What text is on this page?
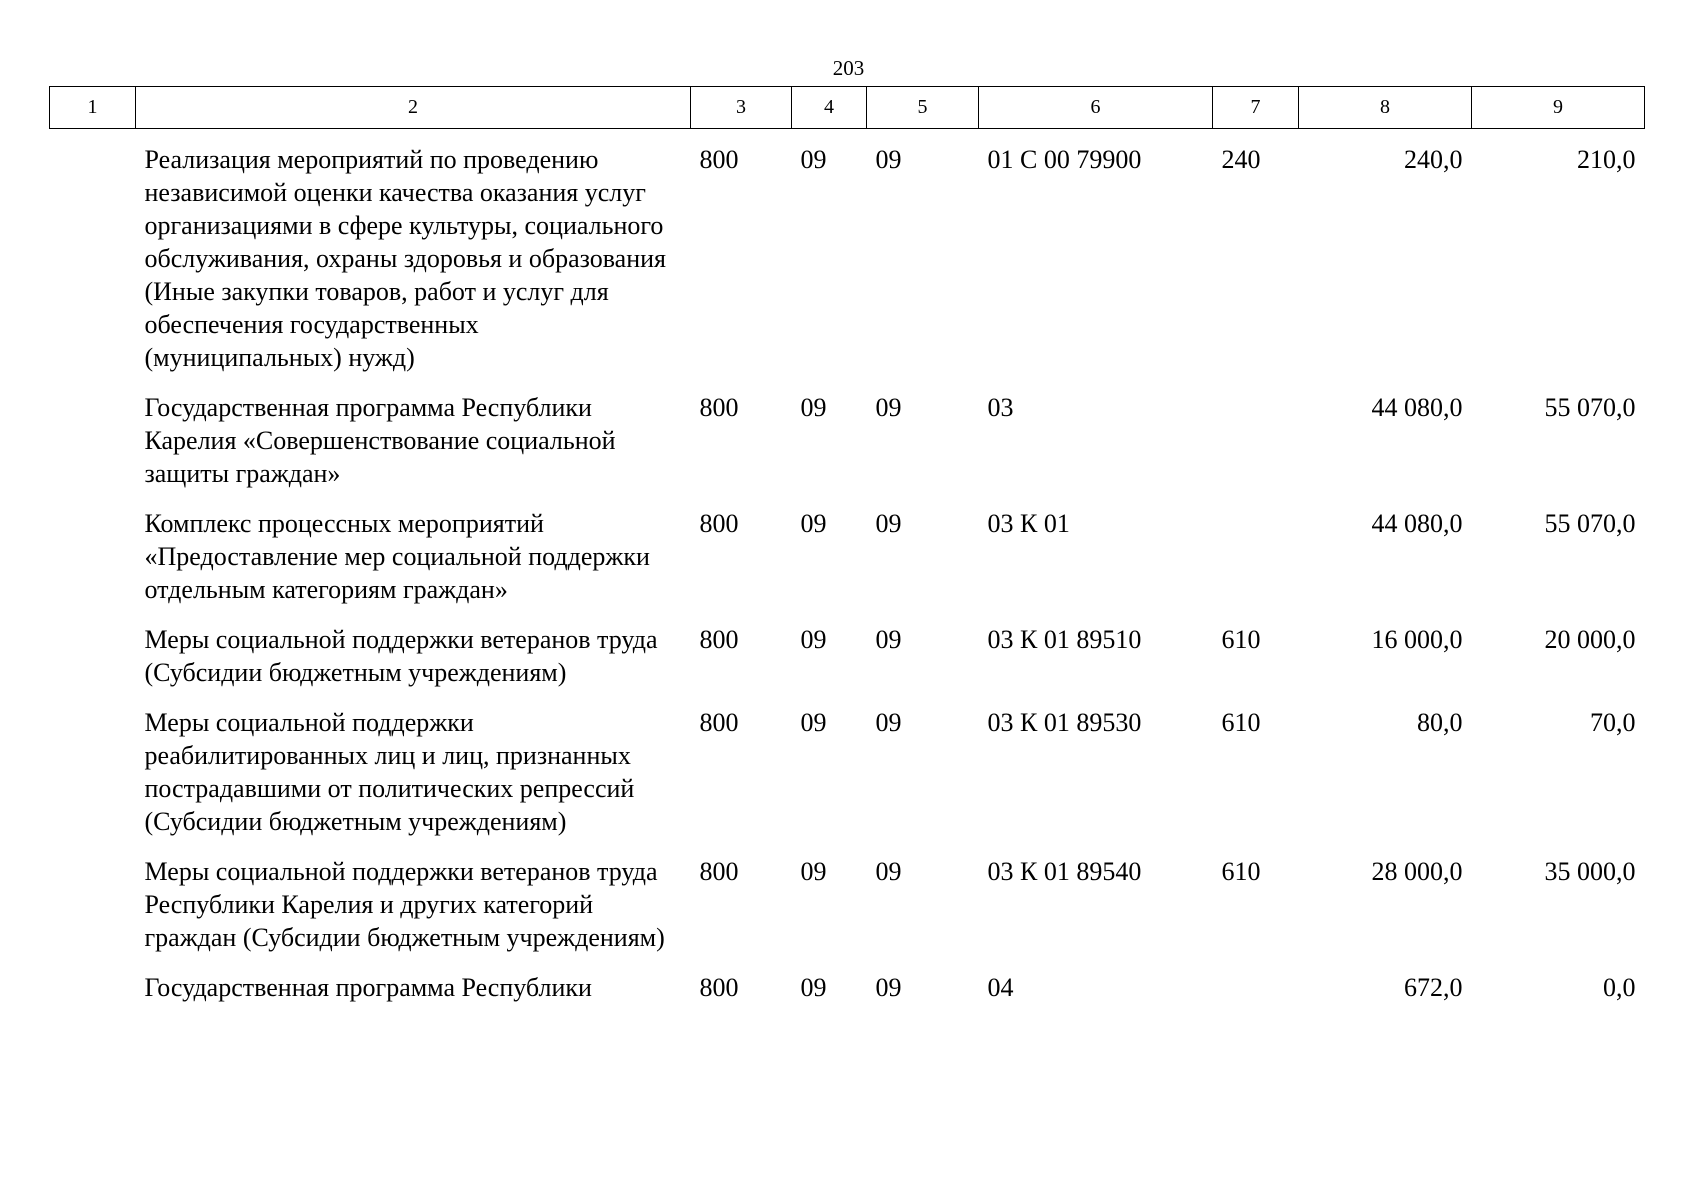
203
1	2	3	4	5	6	7	8	9
	Реализация мероприятий по проведению независимой оценки качества оказания услуг организациями в сфере культуры, социального обслуживания, охраны здоровья и образования (Иные закупки товаров, работ и услуг для обеспечения государственных (муниципальных) нужд)	800	09	09	01 С 00 79900	240	240,0	210,0
	Государственная программа Республики Карелия «Совершенствование социальной защиты граждан»	800	09	09	03		44 080,0	55 070,0
	Комплекс процессных мероприятий «Предоставление мер социальной поддержки отдельным категориям граждан»	800	09	09	03 К 01		44 080,0	55 070,0
	Меры социальной поддержки ветеранов труда (Субсидии бюджетным учреждениям)	800	09	09	03 К 01 89510	610	16 000,0	20 000,0
	Меры социальной поддержки реабилитированных лиц и лиц, признанных пострадавшими от политических репрессий (Субсидии бюджетным учреждениям)	800	09	09	03 К 01 89530	610	80,0	70,0
	Меры социальной поддержки ветеранов труда Республики Карелия и других категорий граждан (Субсидии бюджетным учреждениям)	800	09	09	03 К 01 89540	610	28 000,0	35 000,0
	Государственная программа Республики	800	09	09	04		672,0	0,0
